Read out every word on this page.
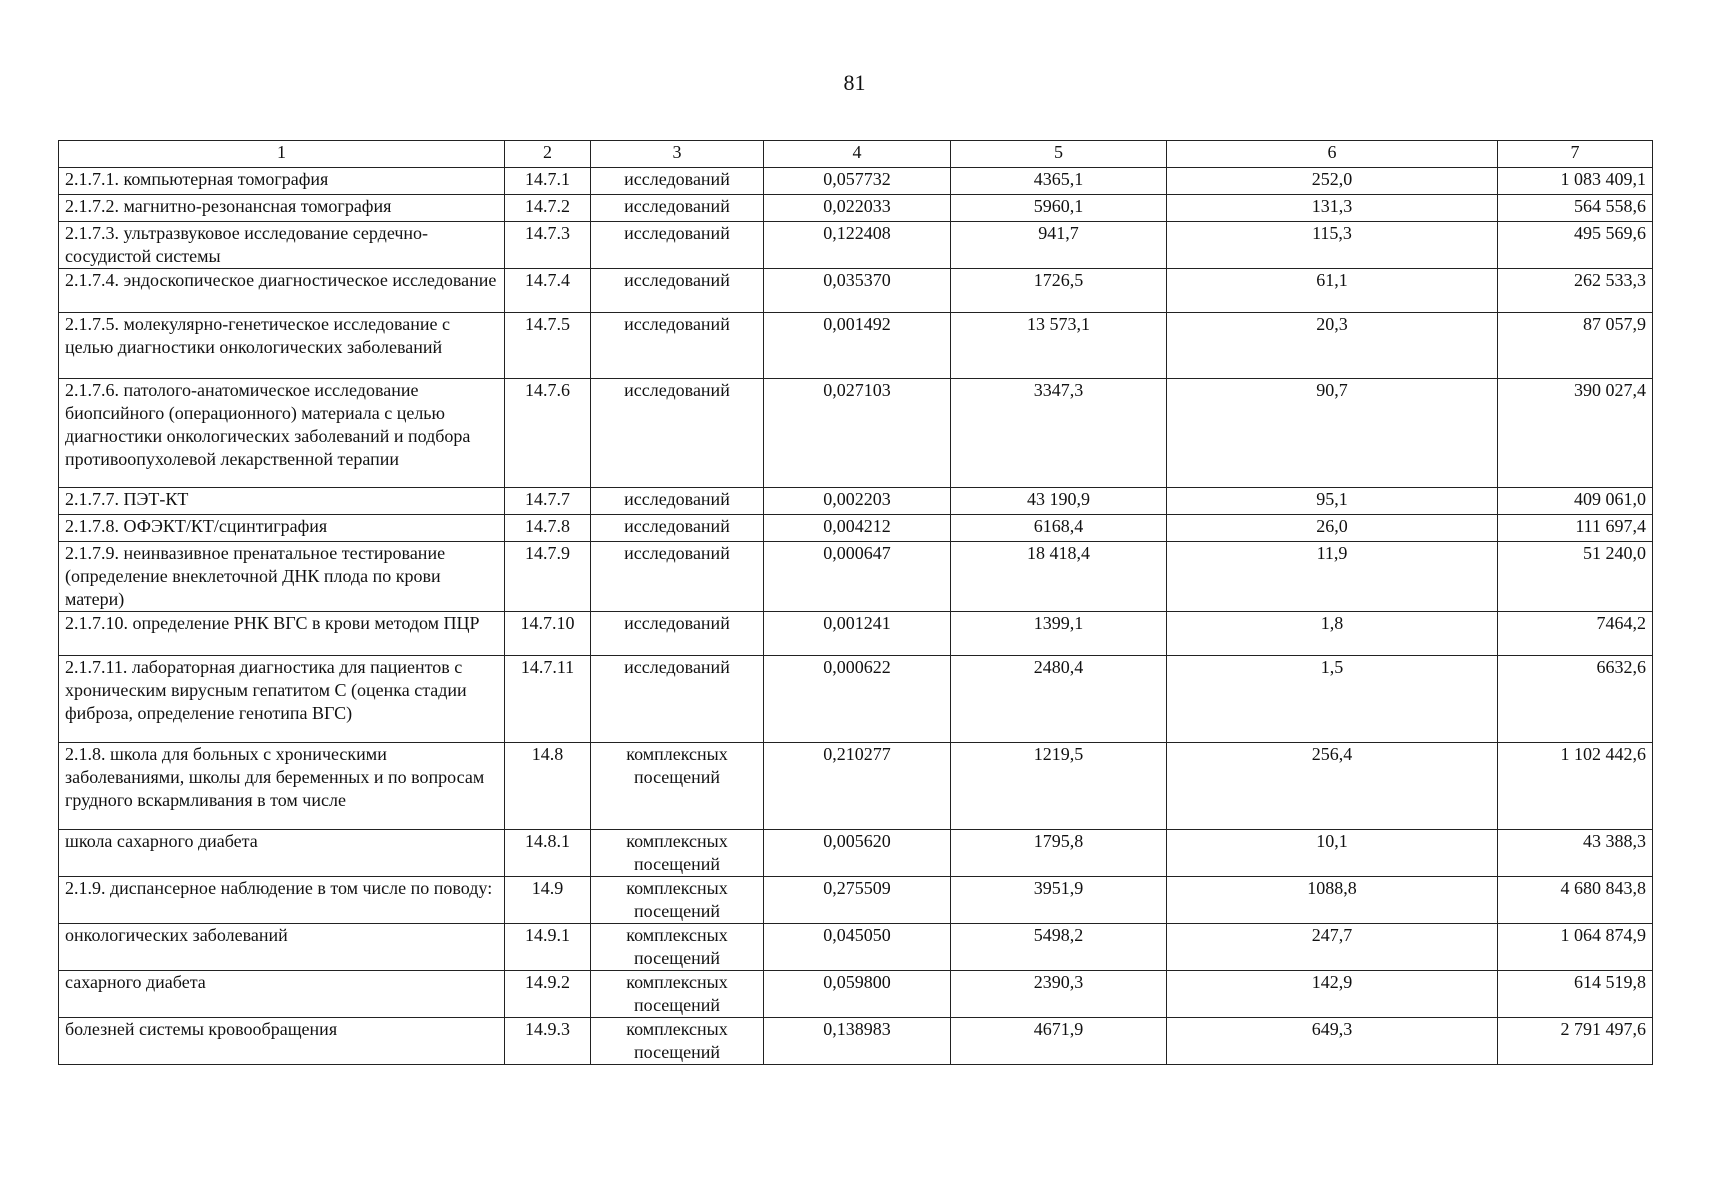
81
1	2	3	4	5	6	7
2.1.7.1. компьютерная томография	14.7.1	исследований	0,057732	4365,1	252,0	1 083 409,1
2.1.7.2. магнитно-резонансная томография	14.7.2	исследований	0,022033	5960,1	131,3	564 558,6
2.1.7.3. ультразвуковое исследование сердечно-сосудистой системы	14.7.3	исследований	0,122408	941,7	115,3	495 569,6
2.1.7.4. эндоскопическое диагностическое исследование	14.7.4	исследований	0,035370	1726,5	61,1	262 533,3
2.1.7.5. молекулярно-генетическое исследование с целью диагностики онкологических заболеваний	14.7.5	исследований	0,001492	13 573,1	20,3	87 057,9
2.1.7.6. патолого-анатомическое исследование биопсийного (операционного) материала с целью диагностики онкологических заболеваний и подбора противоопухолевой лекарственной терапии	14.7.6	исследований	0,027103	3347,3	90,7	390 027,4
2.1.7.7. ПЭТ-КТ	14.7.7	исследований	0,002203	43 190,9	95,1	409 061,0
2.1.7.8. ОФЭКТ/КТ/сцинтиграфия	14.7.8	исследований	0,004212	6168,4	26,0	111 697,4
2.1.7.9. неинвазивное пренатальное тестирование (определение внеклеточной ДНК плода по крови матери)	14.7.9	исследований	0,000647	18 418,4	11,9	51 240,0
2.1.7.10. определение РНК ВГС в крови методом ПЦР	14.7.10	исследований	0,001241	1399,1	1,8	7464,2
2.1.7.11. лабораторная диагностика для пациентов с хроническим вирусным гепатитом С (оценка стадии фиброза, определение генотипа ВГС)	14.7.11	исследований	0,000622	2480,4	1,5	6632,6
2.1.8. школа для больных с хроническими заболеваниями, школы для беременных и по вопросам грудного вскармливания в том числе	14.8	комплексных посещений	0,210277	1219,5	256,4	1 102 442,6
школа сахарного диабета	14.8.1	комплексных посещений	0,005620	1795,8	10,1	43 388,3
2.1.9. диспансерное наблюдение в том числе по поводу:	14.9	комплексных посещений	0,275509	3951,9	1088,8	4 680 843,8
онкологических заболеваний	14.9.1	комплексных посещений	0,045050	5498,2	247,7	1 064 874,9
сахарного диабета	14.9.2	комплексных посещений	0,059800	2390,3	142,9	614 519,8
болезней системы кровообращения	14.9.3	комплексных посещений	0,138983	4671,9	649,3	2 791 497,6
